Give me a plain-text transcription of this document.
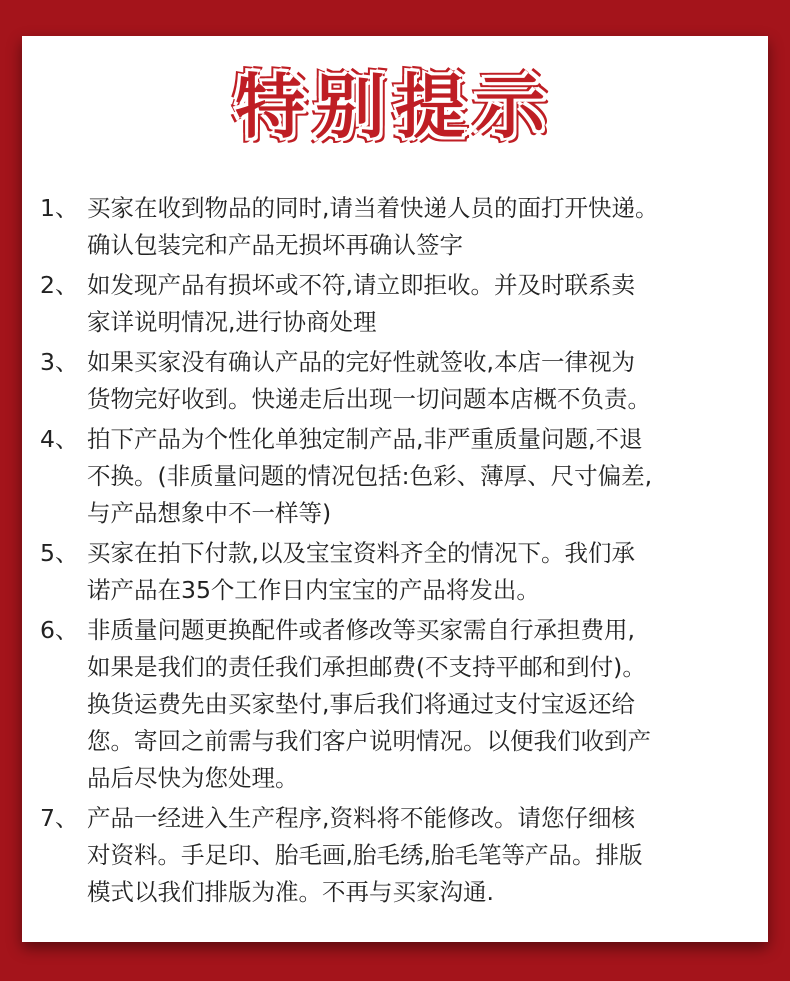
特别提示
1、 买家在收到物品的同时,请当着快递人员的面打开快递。
确认包装完和产品无损坏再确认签字
2、 如发现产品有损坏或不符,请立即拒收。并及时联系卖
家详说明情况,进行协商处理
3、 如果买家没有确认产品的完好性就签收,本店一律视为
货物完好收到。快递走后出现一切问题本店概不负责。
4、 拍下产品为个性化单独定制产品,非严重质量问题,不退
不换。(非质量问题的情况包括:色彩、薄厚、尺寸偏差,
与产品想象中不一样等)
5、 买家在拍下付款,以及宝宝资料齐全的情况下。我们承
诺产品在35个工作日内宝宝的产品将发出。
6、 非质量问题更换配件或者修改等买家需自行承担费用,
如果是我们的责任我们承担邮费(不支持平邮和到付)。
换货运费先由买家垫付,事后我们将通过支付宝返还给
您。寄回之前需与我们客户说明情况。以便我们收到产
品后尽快为您处理。
7、 产品一经进入生产程序,资料将不能修改。请您仔细核
对资料。手足印、胎毛画,胎毛绣,胎毛笔等产品。排版
模式以我们排版为准。不再与买家沟通.
